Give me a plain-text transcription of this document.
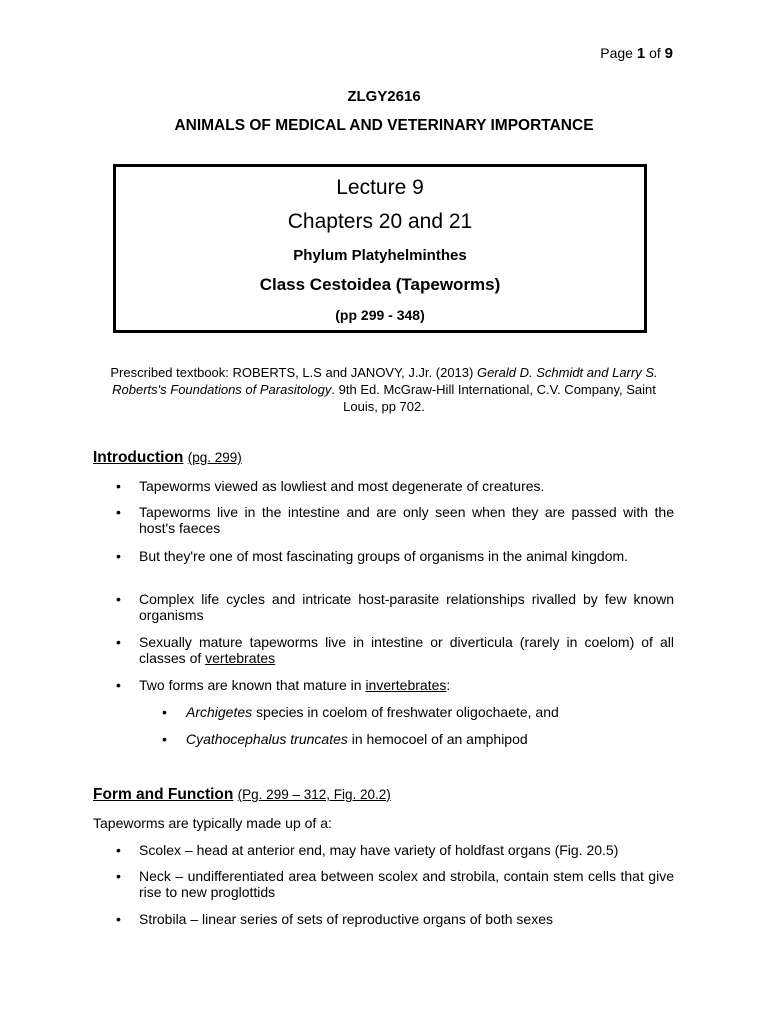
Page 1 of 9
ZLGY2616
ANIMALS OF MEDICAL AND VETERINARY IMPORTANCE
Lecture 9
Chapters 20 and 21
Phylum Platyhelminthes
Class Cestoidea (Tapeworms)
(pp 299 - 348)
Prescribed textbook: ROBERTS, L.S and JANOVY, J.Jr. (2013) Gerald D. Schmidt and Larry S. Roberts's Foundations of Parasitology. 9th Ed. McGraw-Hill International, C.V. Company, Saint Louis, pp 702.
Introduction (pg. 299)
• Tapeworms viewed as lowliest and most degenerate of creatures.
• Tapeworms live in the intestine and are only seen when they are passed with the host's faeces
• But they're one of most fascinating groups of organisms in the animal kingdom.
• Complex life cycles and intricate host-parasite relationships rivalled by few known organisms
• Sexually mature tapeworms live in intestine or diverticula (rarely in coelom) of all classes of vertebrates
• Two forms are known that mature in invertebrates:
• Archigetes species in coelom of freshwater oligochaete, and
• Cyathocephalus truncates in hemocoel of an amphipod
Form and Function (Pg. 299 – 312, Fig. 20.2)
Tapeworms are typically made up of a:
• Scolex – head at anterior end, may have variety of holdfast organs (Fig. 20.5)
• Neck – undifferentiated area between scolex and strobila, contain stem cells that give rise to new proglottids
• Strobila – linear series of sets of reproductive organs of both sexes
